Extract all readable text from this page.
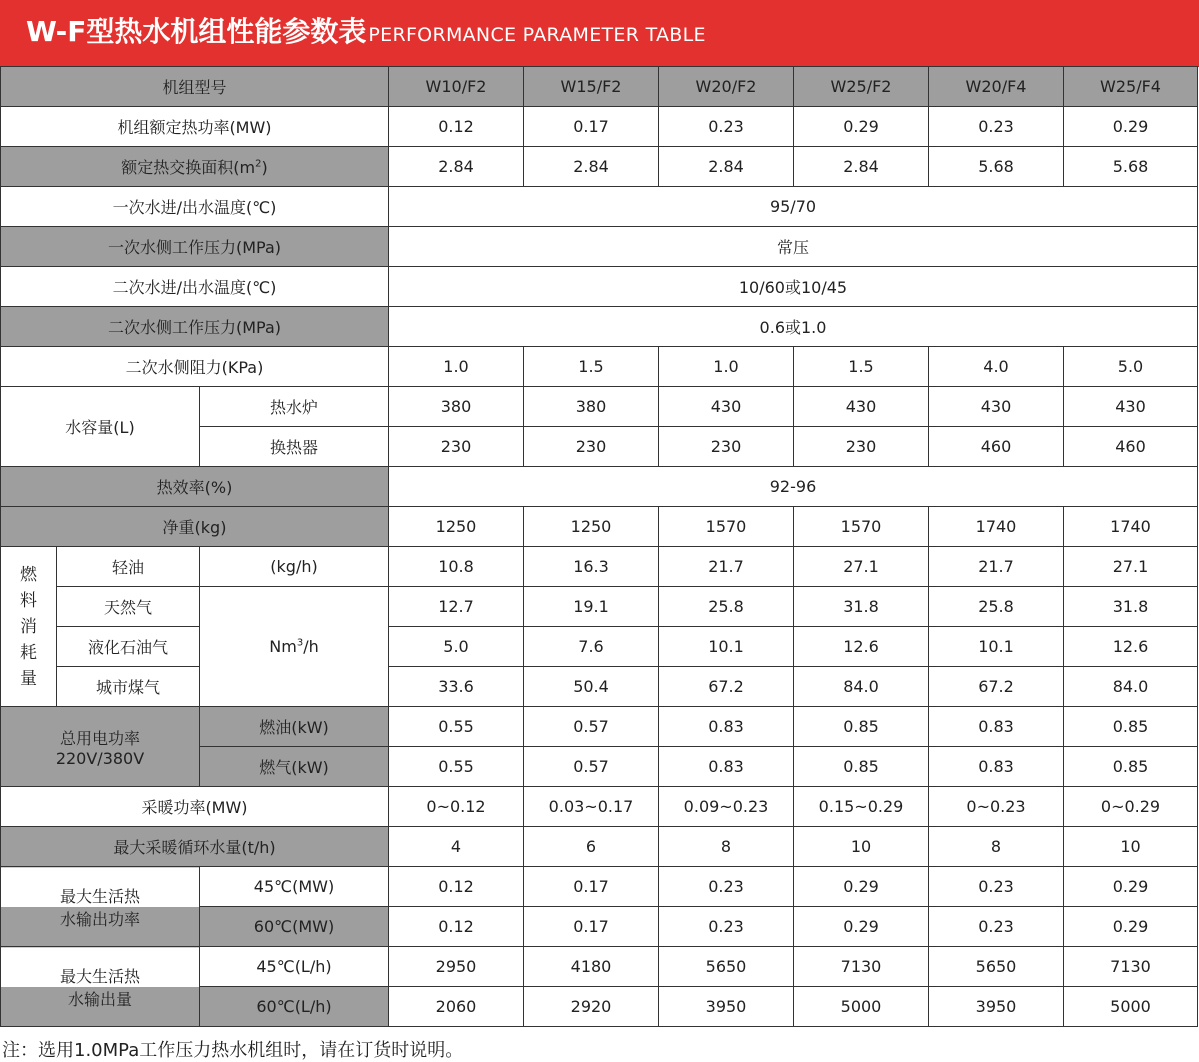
W-F型热水机组性能参数表 PERFORMANCE PARAMETER TABLE
机组型号			W10/F2	W15/F2	W20/F2	W25/F2	W20/F4	W25/F4
机组额定热功率(MW)			0.12	0.17	0.23	0.29	0.23	0.29
额定热交换面积$(m^2)$			2.84	2.84	2.84	2.84	5.68	5.68
一次水进/出水温度(℃)			95/70					
一次水侧工作压力(MPa)			常压					
二次水进/出水温度(℃)			10/60或10/45					
二次水侧工作压力(MPa)			0.6或1.0					
二次水侧阻力(KPa)			1.0	1.5	1.0	1.5	4.0	5.0
水容量(L)		热水炉	380	380	430	430	430	430
		换热器	230	230	230	230	460	460
热效率(%)			92-96					
净重(kg)			1250	1250	1570	1570	1740	1740
燃料消耗量	轻油	(kg/h)	10.8	16.3	21.7	27.1	21.7	27.1
	天然气	Nm$^3$/h	12.7	19.1	25.8	31.8	25.8	31.8
	液化石油气		5.0	7.6	10.1	12.6	10.1	12.6
	城市煤气		33.6	50.4	67.2	84.0	67.2	84.0

总用电功率
220V/380V		燃油(kW)	0.55	0.57	0.83	0.85	0.83	0.85
		燃气(kW)	0.55	0.57	0.83	0.85	0.83	0.85
采暖功率(MW)			0~0.12	0.03~0.17	0.09~0.23	0.15~0.29	0~0.23	0~0.29
最大采暖循环水量(t/h)			4	6	8	10	8	10

最大生活热
水输出功率		45℃(MW)	0.12	0.17	0.23	0.29	0.23	0.29
		60℃(MW)	0.12	0.17	0.23	0.29	0.23	0.29

最大生活热
水输出量		45℃(L/h)	2950	4180	5650	7130	5650	7130
		60℃(L/h)	2060	2920	3950	5000	3950	5000
注：选用1.0MPa工作压力热水机组时，请在订货时说明。
